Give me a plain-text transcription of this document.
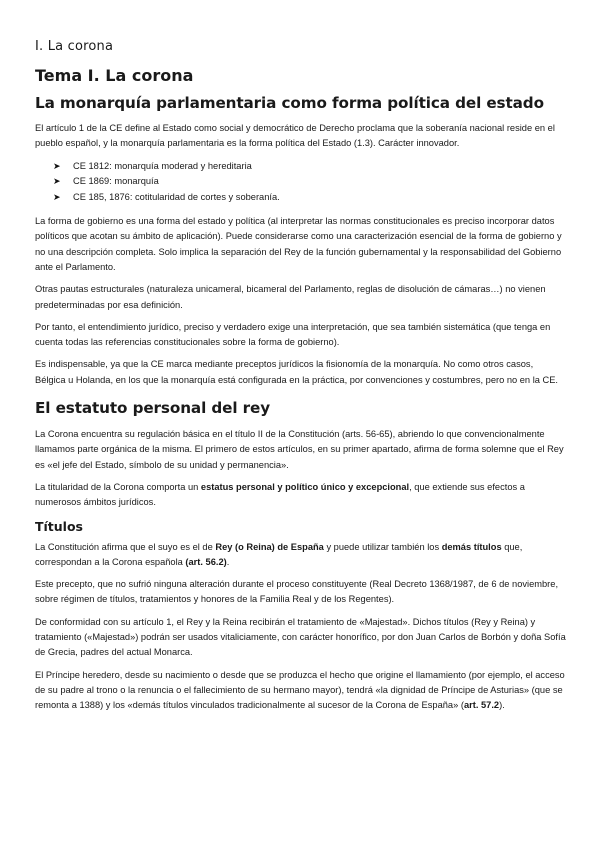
I. La corona
Tema I. La corona
La monarquía parlamentaria como forma política del estado

El artículo 1 de la CE define al Estado como social y democrático de Derecho proclama que la soberanía nacional reside en el pueblo español, y la monarquía parlamentaria es la forma política del Estado (1.3). Carácter innovador.

➤ CE 1812: monarquía moderad y hereditaria
➤ CE 1869: monarquía
➤ CE 185, 1876: cotitularidad de cortes y soberanía.

La forma de gobierno es una forma del estado y política (al interpretar las normas constitucionales es preciso incorporar datos políticos que acotan su ámbito de aplicación). Puede considerarse como una caracterización esencial de la forma de gobierno y no una descripción completa. Solo implica la separación del Rey de la función gubernamental y la responsabilidad del Gobierno ante el Parlamento.

Otras pautas estructurales (naturaleza unicameral, bicameral del Parlamento, reglas de disolución de cámaras…) no vienen predeterminadas por esa definición.

Por tanto, el entendimiento jurídico, preciso y verdadero exige una interpretación, que sea también sistemática (que tenga en cuenta todas las referencias constitucionales sobre la forma de gobierno).

Es indispensable, ya que la CE marca mediante preceptos jurídicos la fisionomía de la monarquía. No como otros casos, Bélgica u Holanda, en los que la monarquía está configurada en la práctica, por convenciones y costumbres, pero no en la CE.

El estatuto personal del rey

La Corona encuentra su regulación básica en el título II de la Constitución (arts. 56-65), abriendo lo que convencionalmente llamamos parte orgánica de la misma. El primero de estos artículos, en su primer apartado, afirma de forma solemne que el Rey es «el jefe del Estado, símbolo de su unidad y permanencia».

La titularidad de la Corona comporta un estatus personal y político único y excepcional, que extiende sus efectos a numerosos ámbitos jurídicos.

Títulos

La Constitución afirma que el suyo es el de Rey (o Reina) de España y puede utilizar también los demás títulos que, correspondan a la Corona española (art. 56.2).

Este precepto, que no sufrió ninguna alteración durante el proceso constituyente (Real Decreto 1368/1987, de 6 de noviembre, sobre régimen de títulos, tratamientos y honores de la Familia Real y de los Regentes).

De conformidad con su artículo 1, el Rey y la Reina recibirán el tratamiento de «Majestad». Dichos títulos (Rey y Reina) y tratamiento («Majestad») podrán ser usados vitaliciamente, con carácter honorífico, por don Juan Carlos de Borbón y doña Sofía de Grecia, padres del actual Monarca.

El Príncipe heredero, desde su nacimiento o desde que se produzca el hecho que origine el llamamiento (por ejemplo, el acceso de su padre al trono o la renuncia o el fallecimiento de su hermano mayor), tendrá «la dignidad de Príncipe de Asturias» (que se remonta a 1388) y los «demás títulos vinculados tradicionalmente al sucesor de la Corona de España» (art. 57.2).
